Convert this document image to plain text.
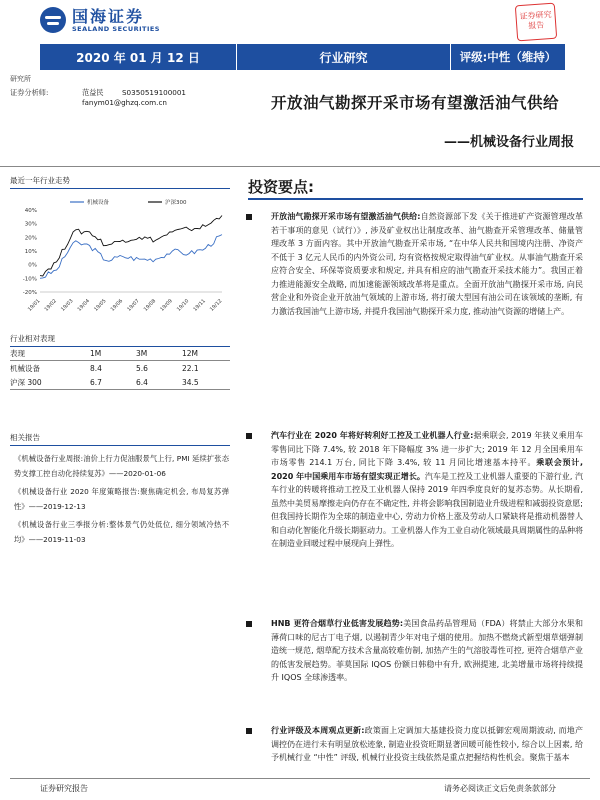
国海证券
SEALAND SECURITIES
证券研究
报告
2020 年 01 月 12 日	行业研究	评级:中性（维持）
研究所
证券分析师:	范益民	S0350519100001
fanym01@ghzq.com.cn	开放油气勘探开采市场有望激活油气供给
——机械设备行业周报
最近一年行业走势
40%
30%
20%
10%
0%
-10%
-20%
19/01 19/02 19/03 19/04 19/05 19/06 19/07 19/08 19/09 19/10 19/11 19/12
机械设备	沪深300
行业相对表现
表现	1M	3M	12M
机械设备	8.4	5.6	22.1
沪深 300	6.7	6.4	34.5
相关报告
《机械设备行业周报:油价上行力促油服景气上行, PMI 延续扩张态势支撑工控自动化持续复苏》——2020-01-06
《机械设备行业 2020 年度策略报告:聚焦确定机会, 布局复苏弹性》——2019-12-13
《机械设备行业三季报分析:整体景气仍处低位, 细分领域冷热不均》——2019-11-03
投资要点:
开放油气勘探开采市场有望激活油气供给:自然资源部下发《关于推进矿产资源管理改革若干事项的意见（试行）》, 涉及矿业权出让制度改革、油气勘查开采管理改革、储量管理改革 3 方面内容。其中开放油气勘查开采市场, “在中华人民共和国境内注册、净资产不低于 3 亿元人民币的内外资公司, 均有资格按规定取得油气矿业权。从事油气勘查开采应符合安全、环保等资质要求和规定, 并具有相应的油气勘查开采技术能力”。我国正着力推进能源安全战略, 而加速能源领域改革将是重点。全面开放油气勘探开采市场, 向民营企业和外资企业开放油气领域的上游市场, 将打破大型国有油公司在该领域的垄断, 有力激活我国油气上游市场, 并提升我国油气勘探开采力度, 推动油气资源的增储上产。
汽车行业在 2020 年将好转利好工控及工业机器人行业:据乘联会, 2019 年狭义乘用车零售同比下降 7.4%, 较 2018 年下降幅度 3% 进一步扩大; 2019 年 12 月全国乘用车市场零售 214.1 万台, 同比下降 3.4%, 较 11 月同比增速基本持平。乘联会预计, 2020 年中国乘用车市场有望实现正增长。汽车是工控及工业机器人重要的下游行业, 汽车行业的转暖将推动工控及工业机器人保持 2019 年四季度良好的复苏态势。从长期看, 虽然中美贸易摩擦走向仍存在不确定性, 并将会影响我国制造业升级进程和减弱投资意愿; 但我国持长期作为全球的制造业中心, 劳动力价格上涨及劳动人口紧缺将是推动机器替人和自动化智能化升级长期驱动力。工业机器人作为工业自动化领域最具周期属性的品种将在制造业回暖过程中展现向上弹性。
HNB 更符合烟草行业低害发展趋势:美国食品药品管理局（FDA）将禁止大部分水果和薄荷口味的尼古丁电子烟, 以遏制青少年对电子烟的使用。加热不燃烧式新型烟草烟弹制造统一规范, 烟草配方技术含量高较难仿制, 加热产生的气溶胶毒性可控, 更符合烟草产业的低害发展趋势。菲莫国际 IQOS 份额日韩稳中有升, 欧洲提速, 北美增量市场将持续提升 IQOS 全球渗透率。
行业评级及本周观点更新:政策面上定调加大基建投资力度以抵御宏观周期波动, 而地产调控仍在进行未有明显放松迹象, 制造业投资旺期显著回暖可能性较小, 综合以上因素, 给予机械行业 “中性” 评级, 机械行业投资主线依然是重点把握结构性机会。聚焦于基本
证券研究报告	请务必阅读正文后免责条款部分
